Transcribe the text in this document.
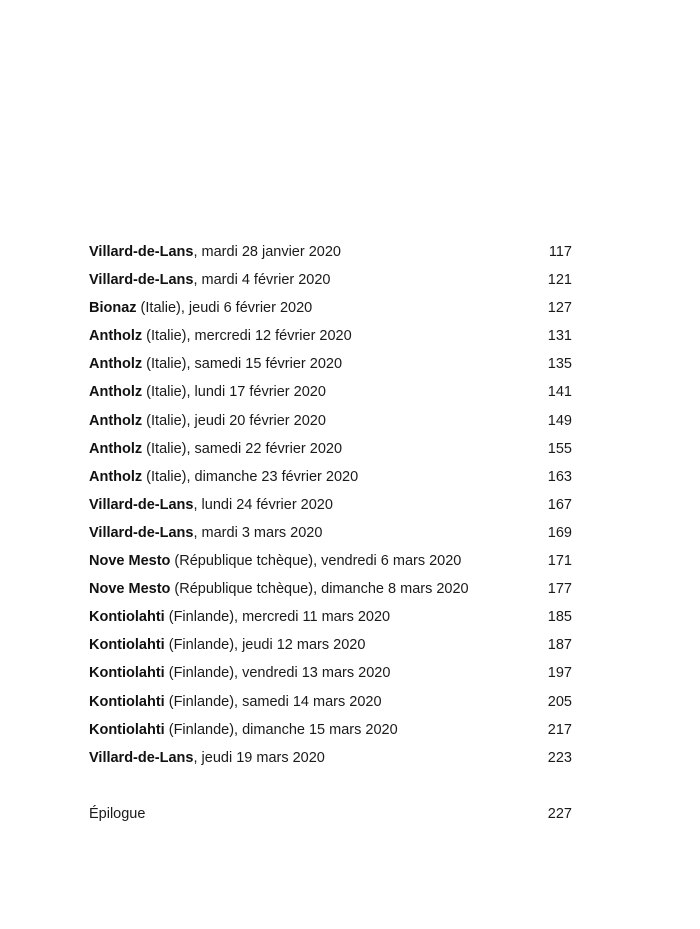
Villard-de-Lans, mardi 28 janvier 2020	117
Villard-de-Lans, mardi 4 février 2020	121
Bionaz (Italie), jeudi 6 février 2020	127
Antholz (Italie), mercredi 12 février 2020	131
Antholz (Italie), samedi 15 février 2020	135
Antholz (Italie), lundi 17 février 2020	141
Antholz (Italie), jeudi 20 février 2020	149
Antholz (Italie), samedi 22 février 2020	155
Antholz (Italie), dimanche 23 février 2020	163
Villard-de-Lans, lundi 24 février 2020	167
Villard-de-Lans, mardi 3 mars 2020	169
Nove Mesto (République tchèque), vendredi 6 mars 2020	171
Nove Mesto (République tchèque), dimanche 8 mars 2020	177
Kontiolahti (Finlande), mercredi 11 mars 2020	185
Kontiolahti (Finlande), jeudi 12 mars 2020	187
Kontiolahti (Finlande), vendredi 13 mars 2020	197
Kontiolahti (Finlande), samedi 14 mars 2020	205
Kontiolahti (Finlande), dimanche 15 mars 2020	217
Villard-de-Lans, jeudi 19 mars 2020	223
Épilogue	227
